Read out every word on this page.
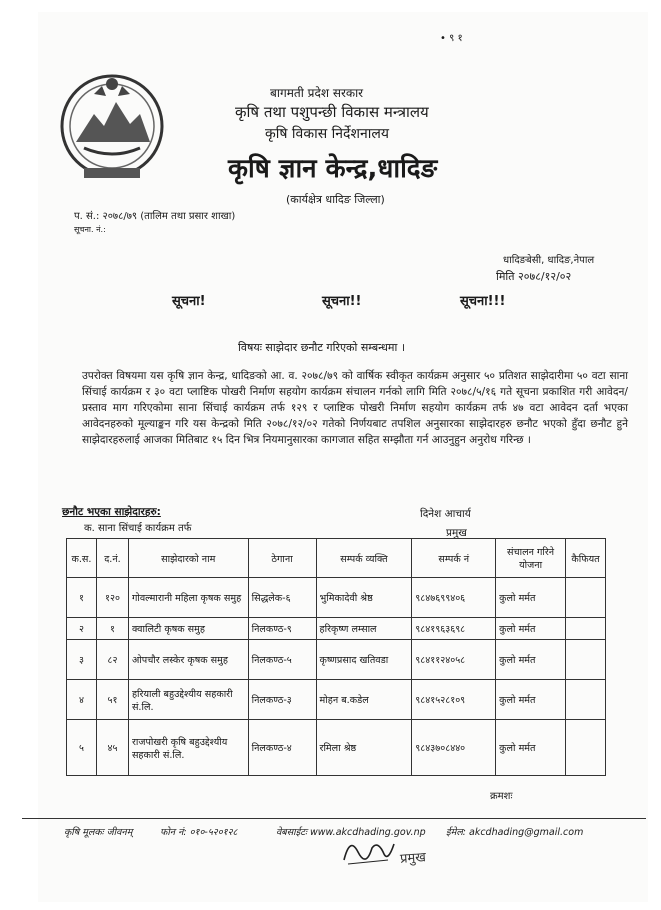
• ९ १
बागमती प्रदेश सरकार
कृषि तथा पशुपन्छी विकास मन्त्रालय
कृषि विकास निर्देशनालय
कृषि ज्ञान केन्द्र,धादिङ
(कार्यक्षेत्र धादिङ जिल्ला)
प. सं.: २०७८/७९ (तालिम तथा प्रसार शाखा)
सूचना. नं.:
धादिङबेसी, धादिङ,नेपाल
मिति २०७८/१२/०२
सूचना!	सूचना!!	सूचना!!!
विषयः साझेदार छनौट गरिएको सम्बन्धमा ।
उपरोक्त विषयमा यस कृषि ज्ञान केन्द्र, धादिङको आ. व. २०७८/७९ को वार्षिक स्वीकृत कार्यक्रम अनुसार ५० प्रतिशत साझेदारीमा ५० वटा साना सिंचाई कार्यक्रम र ३० वटा प्लाष्टिक पोखरी निर्माण सहयोग कार्यक्रम संचालन गर्नको लागि मिति २०७८/५/१६ गते सूचना प्रकाशित गरी आवेदन/प्रस्ताव माग गरिएकोमा साना सिंचाई कार्यक्रम तर्फ १२९ र प्लाष्टिक पोखरी निर्माण सहयोग कार्यक्रम तर्फ ४७ वटा आवेदन दर्ता भएका आवेदनहरुको मूल्याङ्कन गरि यस केन्द्रको मिति २०७८/१२/०२ गतेको निर्णयबाट तपशिल अनुसारका साझेदारहरु छनौट भएको हुँदा छनौट हुने साझेदारहरुलाई आजका मितिबाट १५ दिन भित्र नियमानुसारका कागजात सहित सम्झौता गर्न आउनुहुन अनुरोध गरिन्छ ।
छनौट भएका साझेदारहरु:	दिनेश आचार्य
प्रमुख
क. साना सिंचाई कार्यक्रम तर्फ
क.स.	द.नं.	साझेदारको नाम	ठेगाना	सम्पर्क व्यक्ति	सम्पर्क नं	संचालन गरिने योजना	कैफियत
१	१२०	गोवल्मारानी महिला कृषक समुह	सिद्धलेक-६	भुमिकादेवी श्रेष्ठ	९८४७६९९४०६	कुलो मर्मत	
२	१	क्वालिटी कृषक समुह	निलकण्ठ-९	हरिकृष्ण लम्साल	९८४१९६३६९८	कुलो मर्मत	
३	८२	ओपचौर लस्केर कृषक समुह	निलकण्ठ-५	कृष्णप्रसाद खतिवडा	९८४११२४०५८	कुलो मर्मत	
४	५१	हरियाली बहुउद्देश्यीय सहकारी सं.लि.	निलकण्ठ-३	मोहन ब.कडेल	९८४१५२८१०९	कुलो मर्मत	
५	४५	राजपोखरी कृषि बहुउद्देश्यीय सहकारी सं.लि.	निलकण्ठ-४	रमिला श्रेष्ठ	९८४३७०८४४०	कुलो मर्मत	
क्रमशः
कृषि मूलकः जीवनम्	फोन नं: ०१०-५२०१२८	वेबसाईटः www.akcdhading.gov.np ईमेल: akcdhading@gmail.com
प्रमुख
